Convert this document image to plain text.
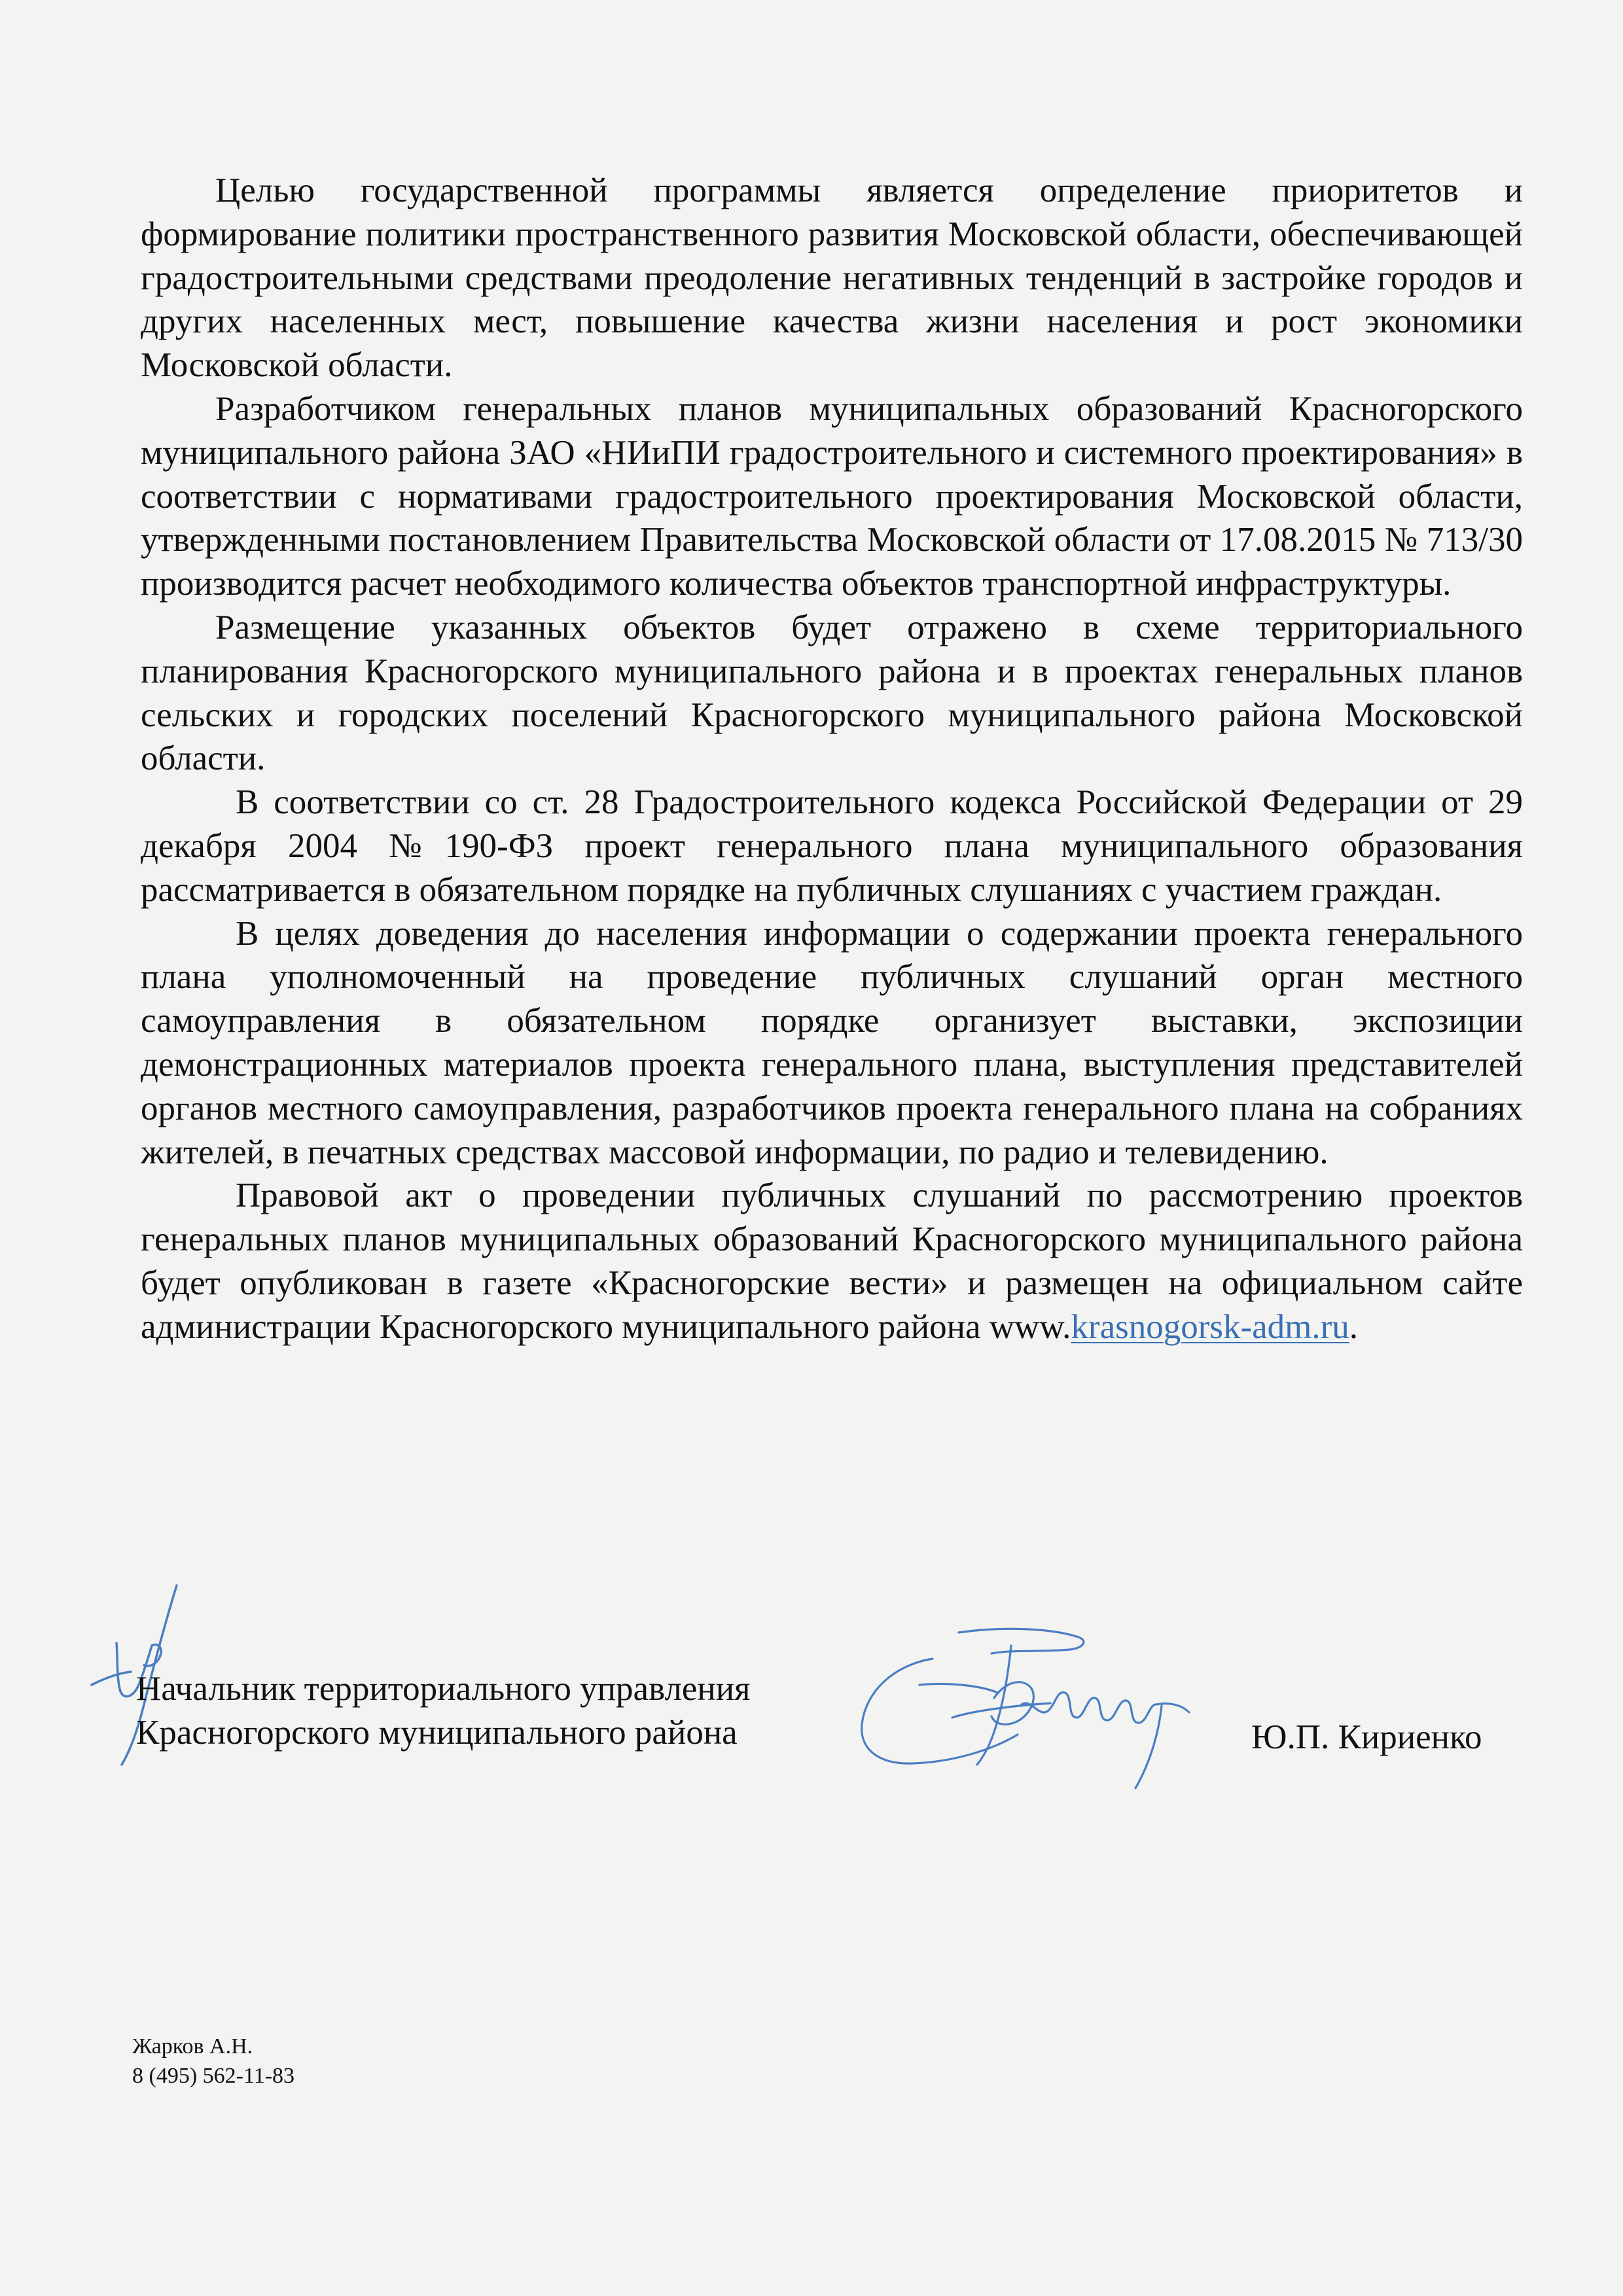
Целью государственной программы является определение приоритетов и формирование политики пространственного развития Московской области, обеспечивающей градостроительными средствами преодоление негативных тенденций в застройке городов и других населенных мест, повышение качества жизни населения и рост экономики Московской области.

Разработчиком генеральных планов муниципальных образований Красногорского муниципального района ЗАО «НИиПИ градостроительного и системного проектирования» в соответствии с нормативами градостроительного проектирования Московской области, утвержденными постановлением Правительства Московской области от 17.08.2015 № 713/30 производится расчет необходимого количества объектов транспортной инфраструктуры.

Размещение указанных объектов будет отражено в схеме территориального планирования Красногорского муниципального района и в проектах генеральных планов сельских и городских поселений Красногорского муниципального района Московской области.

В соответствии со ст. 28 Градостроительного кодекса Российской Федерации от 29 декабря 2004 №190-ФЗ проект генерального плана муниципального образования рассматривается в обязательном порядке на публичных слушаниях с участием граждан.

В целях доведения до населения информации о содержании проекта генерального плана уполномоченный на проведение публичных слушаний орган местного самоуправления в обязательном порядке организует выставки, экспозиции демонстрационных материалов проекта генерального плана, выступления представителей органов местного самоуправления, разработчиков проекта генерального плана на собраниях жителей, в печатных средствах массовой информации, по радио и телевидению.

Правовой акт о проведении публичных слушаний по рассмотрению проектов генеральных планов муниципальных образований Красногорского муниципального района будет опубликован в газете «Красногорские вести» и размещен на официальном сайте администрации Красногорского муниципального района www.krasnogorsk-adm.ru.

Начальник территориального управления
Красногорского муниципального района	Ю.П. Кириенко
Жарков А.Н.
8 (495) 562-11-83
